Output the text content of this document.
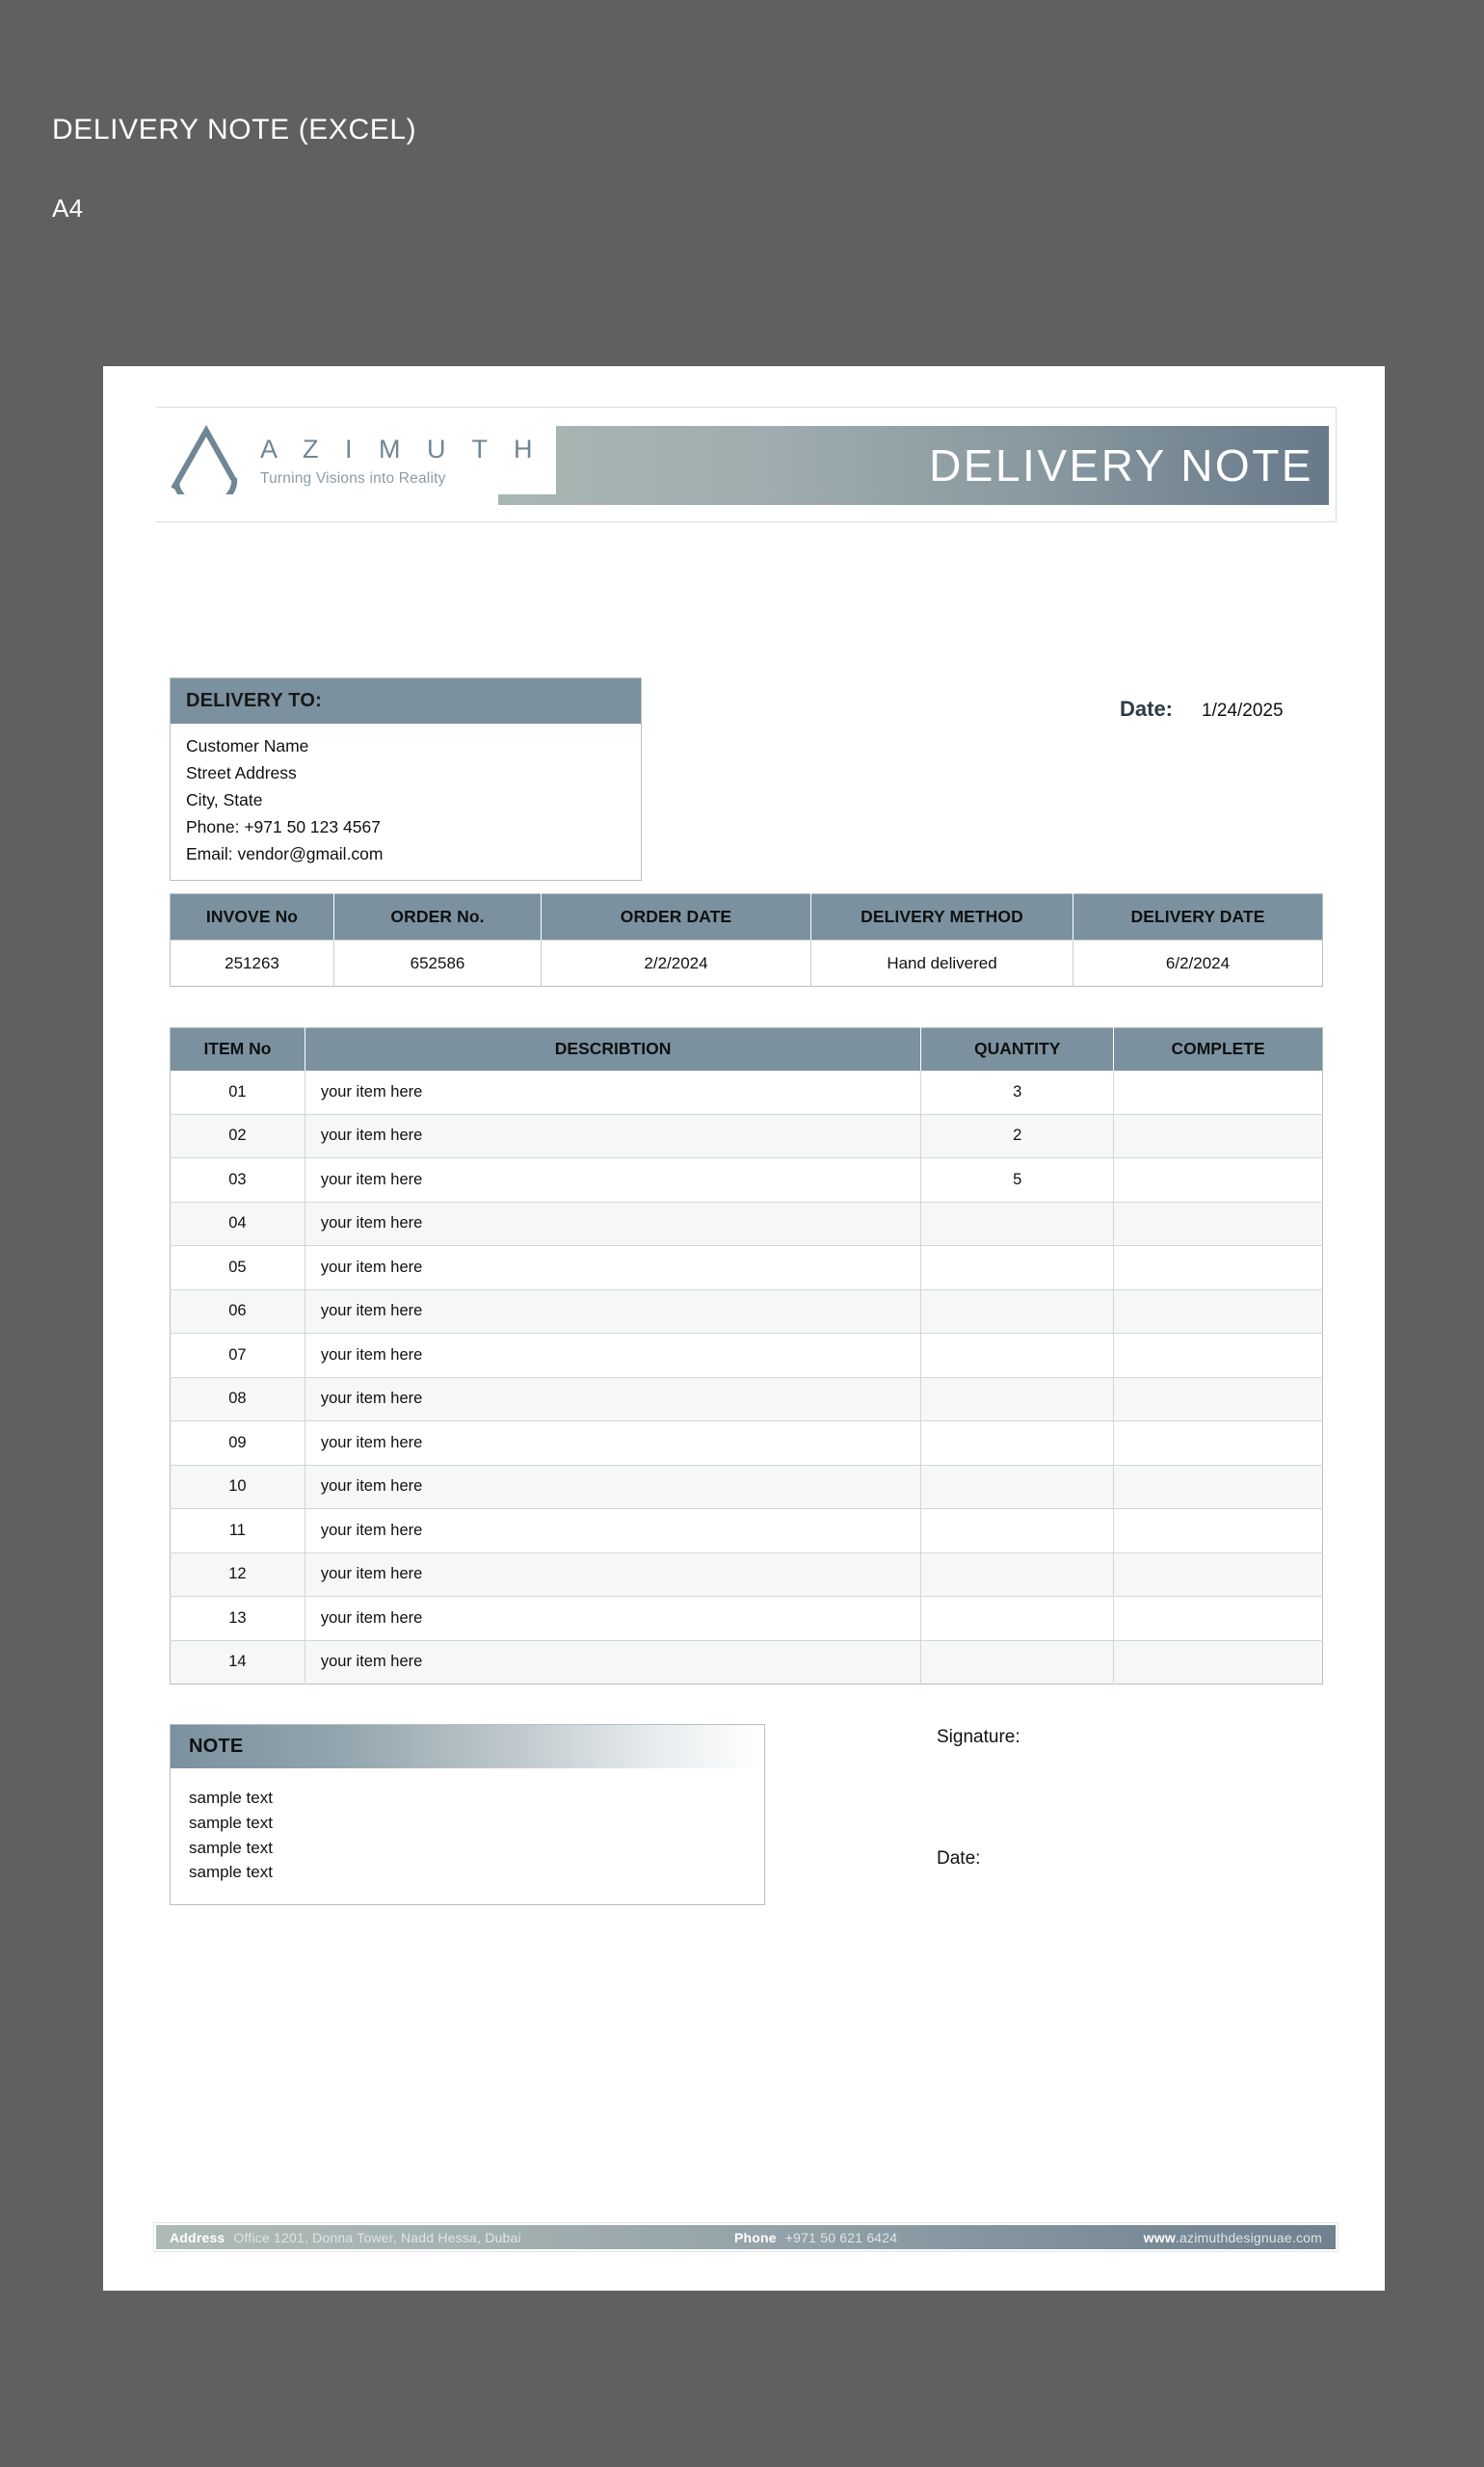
DELIVERY NOTE (EXCEL)
A4
A Z I M U T H
Turning Visions into Reality	DELIVERY NOTE
DELIVERY TO:
Customer Name
Street Address
City, State
Phone: +971 50 123 4567
Email: vendor@gmail.com
Date: 1/24/2025
INVOVE No	ORDER No.	ORDER DATE	DELIVERY METHOD	DELIVERY DATE
251263	652586	2/2/2024	Hand delivered	6/2/2024
ITEM No	DESCRIBTION	QUANTITY	COMPLETE
01	your item here	3	
02	your item here	2	
03	your item here	5	
04	your item here		
05	your item here		
06	your item here		
07	your item here		
08	your item here		
09	your item here		
10	your item here		
11	your item here		
12	your item here		
13	your item here		
14	your item here		
NOTE
sample text
sample text
sample text
sample text
Signature:
Date:
Address Office 1201, Donna Tower, Nadd Hessa, Dubai	Phone +971 50 621 6424	www .azimuthdesignuae.com
